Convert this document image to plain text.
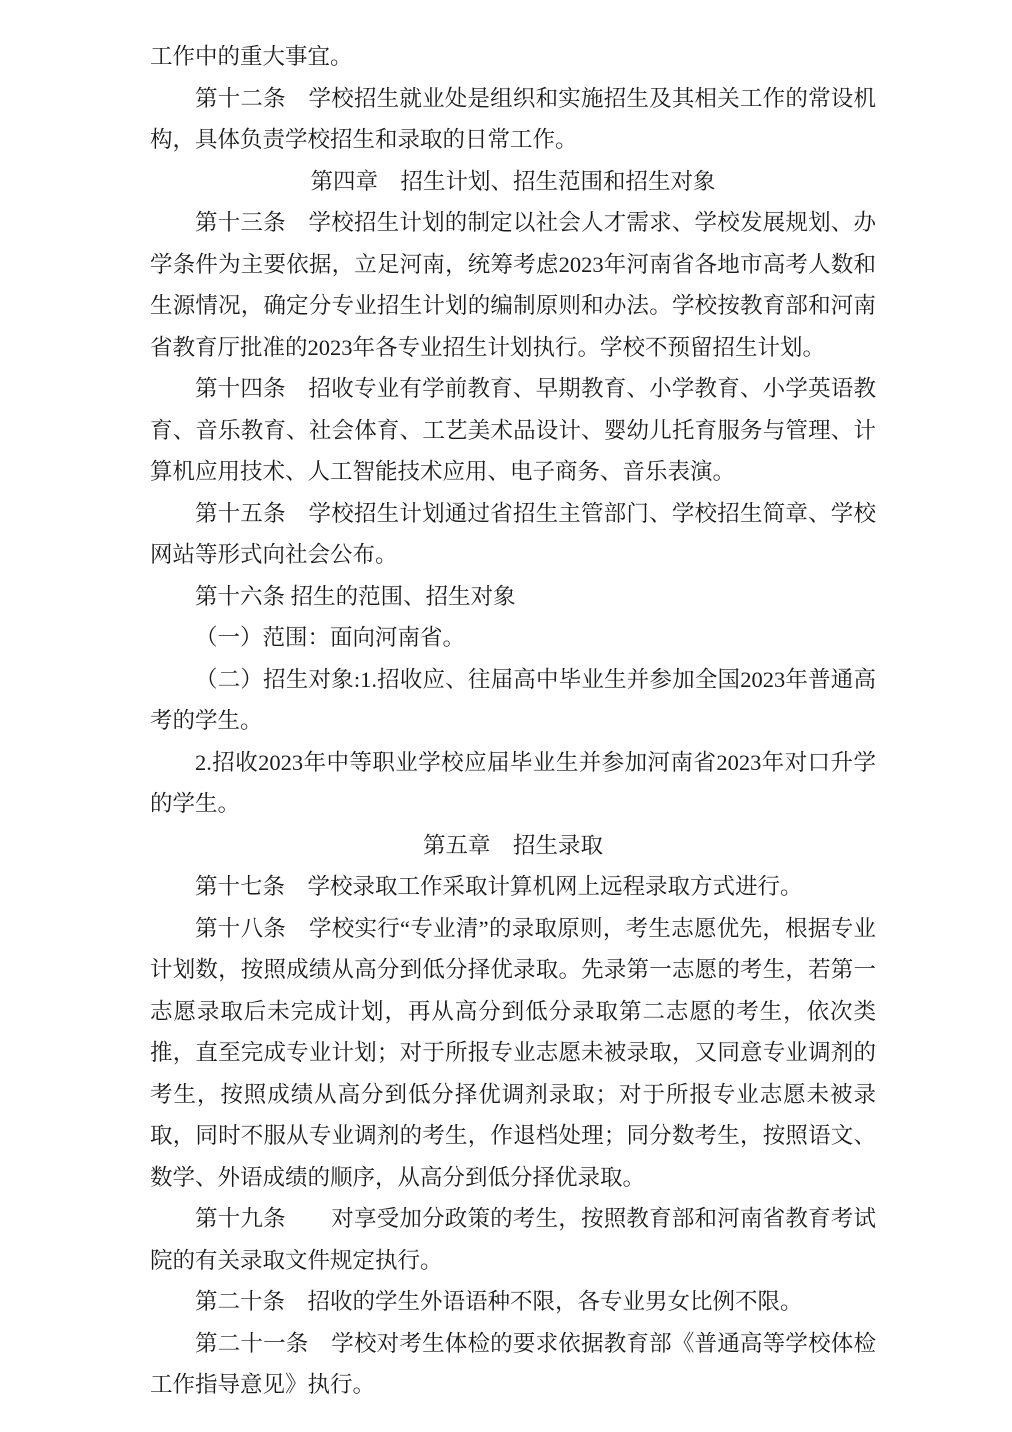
工作中的重大事宜。

第十二条　学校招生就业处是组织和实施招生及其相关工作的常设机构，具体负责学校招生和录取的日常工作。

第四章　招生计划、招生范围和招生对象

第十三条　学校招生计划的制定以社会人才需求、学校发展规划、办学条件为主要依据，立足河南，统筹考虑2023年河南省各地市高考人数和生源情况，确定分专业招生计划的编制原则和办法。学校按教育部和河南省教育厅批准的2023年各专业招生计划执行。学校不预留招生计划。

第十四条　招收专业有学前教育、早期教育、小学教育、小学英语教育、音乐教育、社会体育、工艺美术品设计、婴幼儿托育服务与管理、计算机应用技术、人工智能技术应用、电子商务、音乐表演。

第十五条　学校招生计划通过省招生主管部门、学校招生简章、学校网站等形式向社会公布。

第十六条 招生的范围、招生对象

（一）范围：面向河南省。

（二）招生对象:1.招收应、往届高中毕业生并参加全国2023年普通高考的学生。

2.招收2023年中等职业学校应届毕业生并参加河南省2023年对口升学的学生。

第五章　招生录取

第十七条　学校录取工作采取计算机网上远程录取方式进行。

第十八条　学校实行“专业清”的录取原则，考生志愿优先，根据专业计划数，按照成绩从高分到低分择优录取。先录第一志愿的考生，若第一志愿录取后未完成计划，再从高分到低分录取第二志愿的考生，依次类推，直至完成专业计划；对于所报专业志愿未被录取，又同意专业调剂的考生，按照成绩从高分到低分择优调剂录取；对于所报专业志愿未被录取，同时不服从专业调剂的考生，作退档处理；同分数考生，按照语文、数学、外语成绩的顺序，从高分到低分择优录取。

第十九条　　对享受加分政策的考生，按照教育部和河南省教育考试院的有关录取文件规定执行。

第二十条　招收的学生外语语种不限，各专业男女比例不限。

第二十一条　学校对考生体检的要求依据教育部《普通高等学校体检工作指导意见》执行。
